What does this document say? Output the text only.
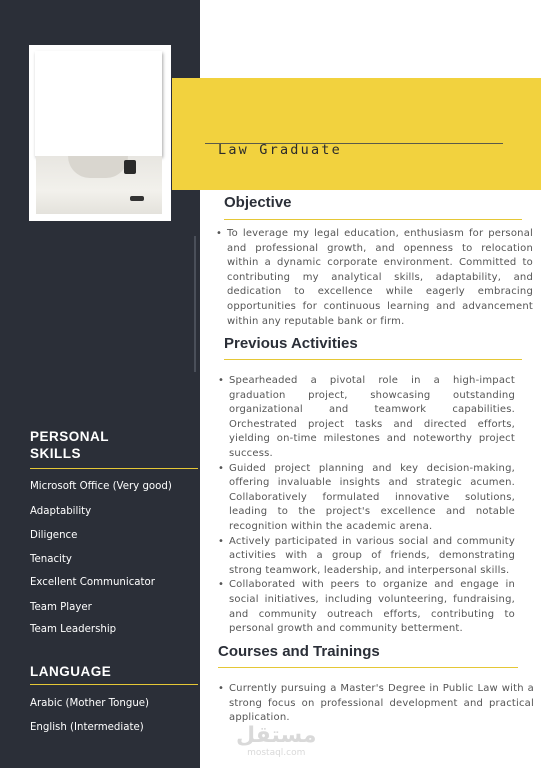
PERSONAL
SKILLS
Microsoft Office (Very good)
Adaptability
Diligence
Tenacity
Excellent Communicator
Team Player
Team Leadership
LANGUAGE
Arabic (Mother Tongue)
English (Intermediate)
Law Graduate
Objective
• To leverage my legal education, enthusiasm for personal and professional growth, and openness to relocation within a dynamic corporate environment. Committed to contributing my analytical skills, adaptability, and dedication to excellence while eagerly embracing opportunities for continuous learning and advancement within any reputable bank or firm.
Previous Activities
• Spearheaded a pivotal role in a high-impact graduation project, showcasing outstanding organizational and teamwork capabilities. Orchestrated project tasks and directed efforts, yielding on-time milestones and noteworthy project success.
• Guided project planning and key decision-making, offering invaluable insights and strategic acumen. Collaboratively formulated innovative solutions, leading to the project's excellence and notable recognition within the academic arena.
• Actively participated in various social and community activities with a group of friends, demonstrating strong teamwork, leadership, and interpersonal skills.
• Collaborated with peers to organize and engage in social initiatives, including volunteering, fundraising, and community outreach efforts, contributing to personal growth and community betterment.
Courses and Trainings
• Currently pursuing a Master's Degree in Public Law with a strong focus on professional development and practical application.
مستقل
mostaql.com
